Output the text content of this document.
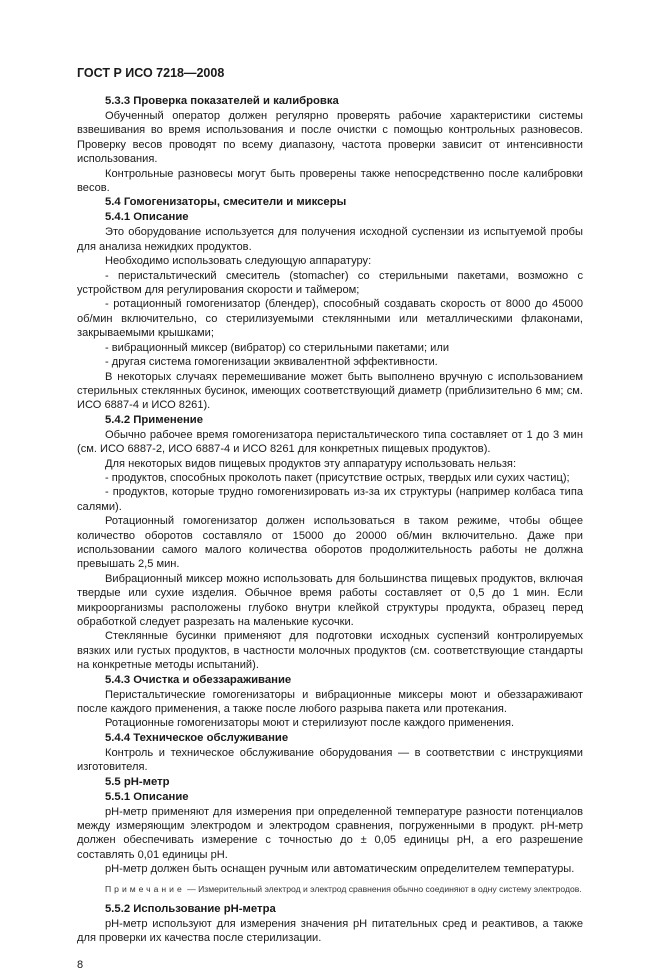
ГОСТ Р ИСО 7218—2008
5.3.3 Проверка показателей и калибровка

Обученный оператор должен регулярно проверять рабочие характеристики системы взвешивания во время использования и после очистки с помощью контрольных разновесов. Проверку весов проводят по всему диапазону, частота проверки зависит от интенсивности использования.

Контрольные разновесы могут быть проверены также непосредственно после калибровки весов.

5.4 Гомогенизаторы, смесители и миксеры
5.4.1 Описание

Это оборудование используется для получения исходной суспензии из испытуемой пробы для анализа нежидких продуктов.

Необходимо использовать следующую аппаратуру:

- перистальтический смеситель (stomacher) со стерильными пакетами, возможно с устройством для регулирования скорости и таймером;

- ротационный гомогенизатор (блендер), способный создавать скорость от 8000 до 45000 об/мин включительно, со стерилизуемыми стеклянными или металлическими флаконами, закрываемыми крышками;

- вибрационный миксер (вибратор) со стерильными пакетами; или

- другая система гомогенизации эквивалентной эффективности.

В некоторых случаях перемешивание может быть выполнено вручную с использованием стерильных стеклянных бусинок, имеющих соответствующий диаметр (приблизительно 6 мм; см. ИСО 6887-4 и ИСО 8261).

5.4.2 Применение

Обычно рабочее время гомогенизатора перистальтического типа составляет от 1 до 3 мин (см. ИСО 6887-2, ИСО 6887-4 и ИСО 8261 для конкретных пищевых продуктов).

Для некоторых видов пищевых продуктов эту аппаратуру использовать нельзя:

- продуктов, способных проколоть пакет (присутствие острых, твердых или сухих частиц);

- продуктов, которые трудно гомогенизировать из-за их структуры (например колбаса типа салями).

Ротационный гомогенизатор должен использоваться в таком режиме, чтобы общее количество оборотов составляло от 15000 до 20000 об/мин включительно. Даже при использовании самого малого количества оборотов продолжительность работы не должна превышать 2,5 мин.

Вибрационный миксер можно использовать для большинства пищевых продуктов, включая твердые или сухие изделия. Обычное время работы составляет от 0,5 до 1 мин. Если микроорганизмы расположены глубоко внутри клейкой структуры продукта, образец перед обработкой следует разрезать на маленькие кусочки.

Стеклянные бусинки применяют для подготовки исходных суспензий контролируемых вязких или густых продуктов, в частности молочных продуктов (см. соответствующие стандарты на конкретные методы испытаний).

5.4.3 Очистка и обеззараживание

Перистальтические гомогенизаторы и вибрационные миксеры моют и обеззараживают после каждого применения, а также после любого разрыва пакета или протекания.

Ротационные гомогенизаторы моют и стерилизуют после каждого применения.

5.4.4 Техническое обслуживание

Контроль и техническое обслуживание оборудования — в соответствии с инструкциями изготовителя.

5.5 pH-метр
5.5.1 Описание

pH-метр применяют для измерения при определенной температуре разности потенциалов между измеряющим электродом и электродом сравнения, погруженными в продукт. pH-метр должен обеспечивать измерение с точностью до ± 0,05 единицы pH, а его разрешение составлять 0,01 единицы pH.

pH-метр должен быть оснащен ручным или автоматическим определителем температуры.

Примечание — Измерительный электрод и электрод сравнения обычно соединяют в одну систему электродов.

5.5.2 Использование pH-метра

pH-метр используют для измерения значения pH питательных сред и реактивов, а также для проверки их качества после стерилизации.

8
